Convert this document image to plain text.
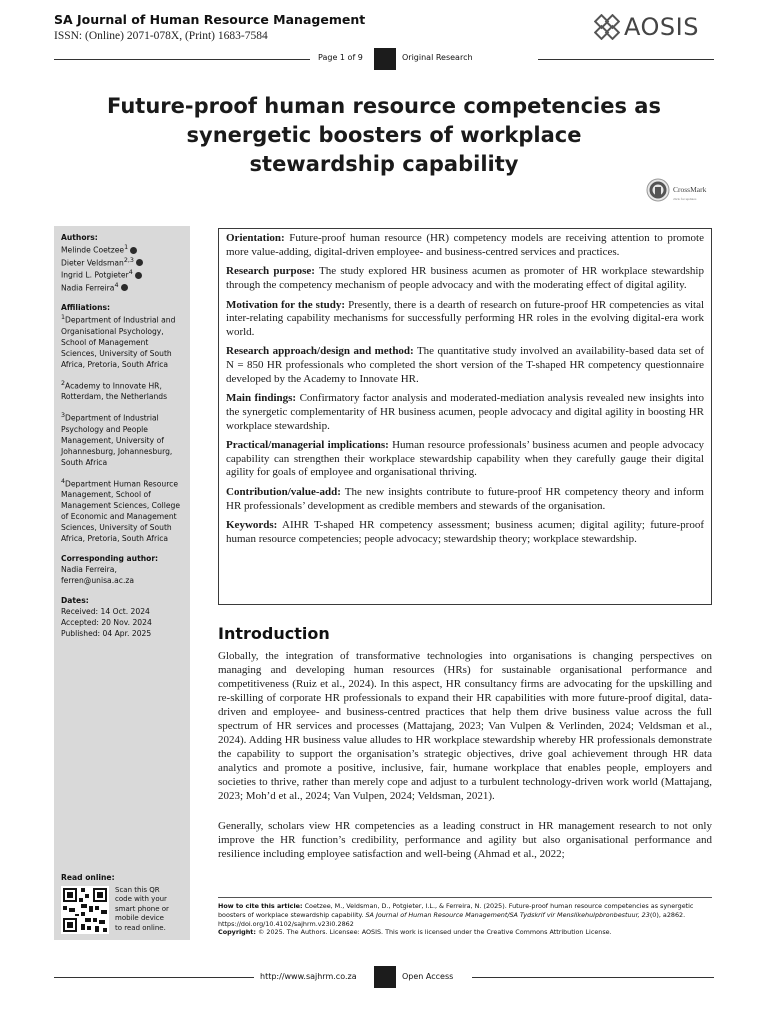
SA Journal of Human Resource Management
ISSN: (Online) 2071-078X, (Print) 1683-7584	AOSIS
Page 1 of 9	Original Research
Future-proof human resource competencies as
synergetic boosters of workplace
stewardship capability
CrossMark
click for updates
Authors:
Melinde Coetzee$^1$
Dieter Veldsman$^{2,3}$
Ingrid L. Potgieter$^4$
Nadia Ferreira$^4$
Affiliations:
$^1$Department of Industrial and
Organisational Psychology,
School of Management
Sciences, University of South
Africa, Pretoria, South Africa
$^2$Academy to Innovate HR,
Rotterdam, the Netherlands
$^3$Department of Industrial
Psychology and People
Management, University of
Johannesburg, Johannesburg,
South Africa
$^4$Department Human Resource
Management, School of
Management Sciences, College
of Economic and Management
Sciences, University of South
Africa, Pretoria, South Africa
Corresponding author:
Nadia Ferreira,
ferren@unisa.ac.za
Dates:
Received: 14 Oct. 2024
Accepted: 20 Nov. 2024
Published: 04 Apr. 2025
Read online:
Scan this QR
code with your
smart phone or
mobile device
to read online.

Orientation: Future-proof human resource (HR) competency models are receiving attention to promote more value-adding, digital-driven employee- and business-centred services and practices.

Research purpose: The study explored HR business acumen as promoter of HR workplace stewardship through the competency mechanism of people advocacy and with the moderating effect of digital agility.

Motivation for the study: Presently, there is a dearth of research on future-proof HR competencies as vital inter-relating capability mechanisms for successfully performing HR roles in the evolving digital-era work world.

Research approach/design and method: The quantitative study involved an availability-based data set of N = 850 HR professionals who completed the short version of the T-shaped HR competency questionnaire developed by the Academy to Innovate HR.

Main findings: Confirmatory factor analysis and moderated-mediation analysis revealed new insights into the synergetic complementarity of HR business acumen, people advocacy and digital agility in boosting HR workplace stewardship.

Practical/managerial implications: Human resource professionals’ business acumen and people advocacy capability can strengthen their workplace stewardship capability when they carefully gauge their digital agility for goals of employee and organisational thriving.

Contribution/value-add: The new insights contribute to future-proof HR competency theory and inform HR professionals’ development as credible members and stewards of the organisation.

Keywords: AIHR T-shaped HR competency assessment; business acumen; digital agility; future-proof human resource competencies; people advocacy; stewardship theory; workplace stewardship.

Introduction

Globally, the integration of transformative technologies into organisations is changing perspectives on managing and developing human resources (HRs) for sustainable organisational performance and competitiveness (Ruiz et al., 2024). In this aspect, HR consultancy firms are advocating for the upskilling and re-skilling of corporate HR professionals to expand their HR capabilities with more future-proof digital, data-driven and employee- and business-centred practices that help them drive business value across the full spectrum of HR services and processes (Mattajang, 2023; Van Vulpen & Verlinden, 2024; Veldsman et al., 2024). Adding HR business value alludes to HR workplace stewardship whereby HR professionals demonstrate the capability to support the organisation’s strategic objectives, drive goal achievement through HR data analytics and promote a positive, inclusive, fair, humane workplace that enables people, employers and societies to thrive, rather than merely cope and adjust to a turbulent technology-driven work world (Mattajang, 2023; Moh’d et al., 2024; Van Vulpen, 2024; Veldsman, 2021).

Generally, scholars view HR competencies as a leading construct in HR management research to not only improve the HR function’s credibility, performance and agility but also organisational performance and resilience including employee satisfaction and well-being (Ahmad et al., 2022;

How to cite this article: Coetzee, M., Veldsman, D., Potgieter, I.L., & Ferreira, N. (2025). Future-proof human resource competencies as synergetic boosters of workplace stewardship capability. SA Journal of Human Resource Management/SA Tydskrif vir Menslikehulpbronbestuur, 23(0), a2862. https://doi.org/10.4102/sajhrm.v23i0.2862
Copyright: © 2025. The Authors. Licensee: AOSIS. This work is licensed under the Creative Commons Attribution License.
http://www.sajhrm.co.za	Open Access
